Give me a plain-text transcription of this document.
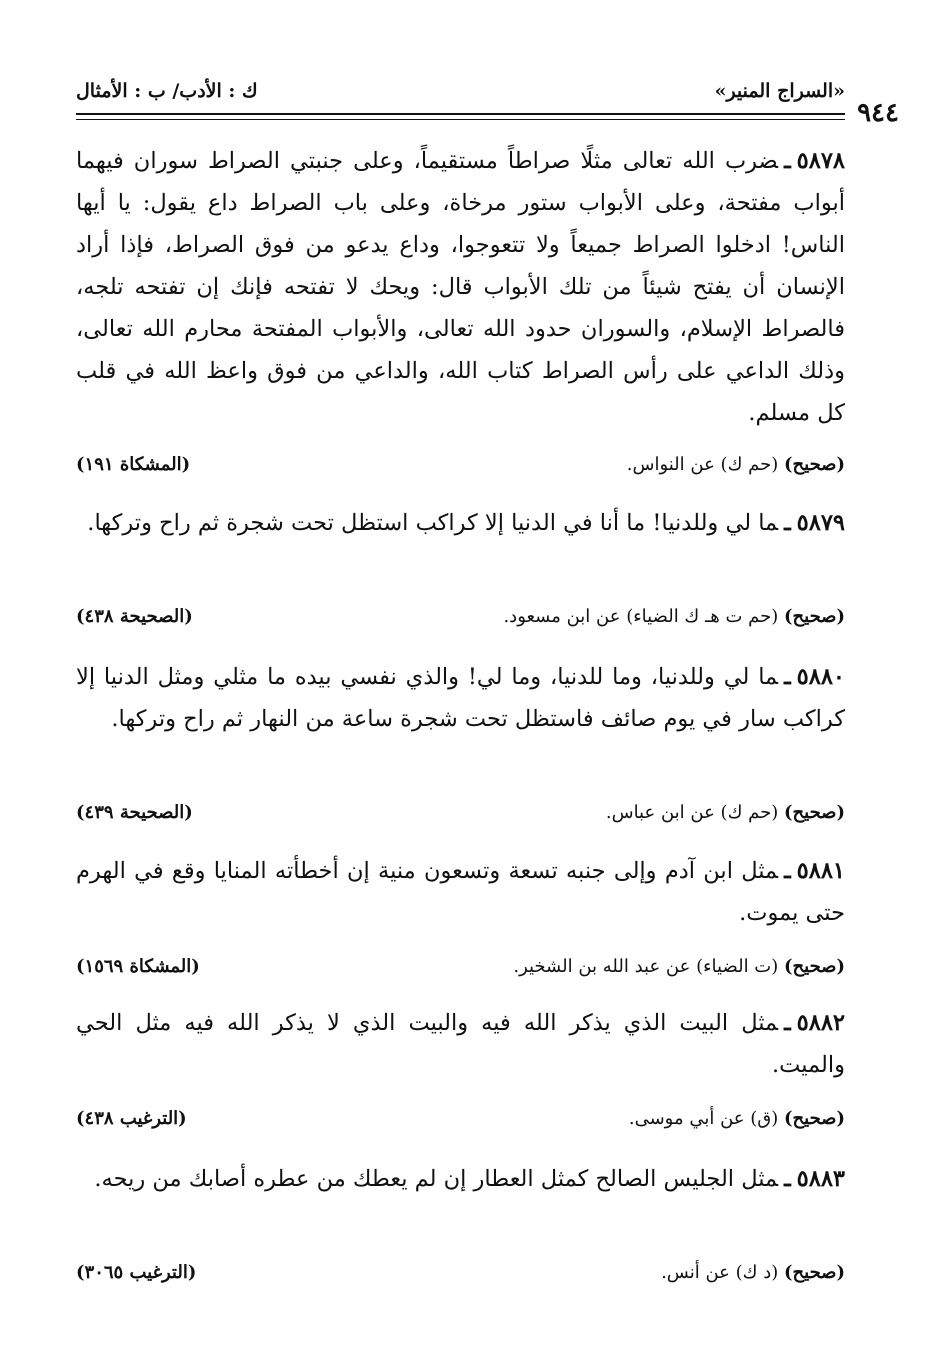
«السراج المنير»
ك : الأدب/ ب : الأمثال
٩٤٤
٥٨٧٨ـضرب الله تعالى مثلًا صراطاً مستقيماً، وعلى جنبتي الصراط سوران فيهما أبواب مفتحة، وعلى الأبواب ستور مرخاة، وعلى باب الصراط داع يقول: يا أيها الناس! ادخلوا الصراط جميعاً ولا تتعوجوا، وداع يدعو من فوق الصراط، فإذا أراد الإنسان أن يفتح شيئاً من تلك الأبواب قال: ويحك لا تفتحه فإنك إن تفتحه تلجه، فالصراط الإسلام، والسوران حدود الله تعالى، والأبواب المفتحة محارم الله تعالى، وذلك الداعي على رأس الصراط كتاب الله، والداعي من فوق واعظ الله في قلب كل مسلم.
(صحيح) (حم ك) عن النواس.
(المشكاة ١٩١)
٥٨٧٩ـما لي وللدنيا! ما أنا في الدنيا إلا كراكب استظل تحت شجرة ثم راح وتركها.
(صحيح) (حم ت هـ ك الضياء) عن ابن مسعود.
(الصحيحة ٤٣٨)
٥٨٨٠ـما لي وللدنيا، وما للدنيا، وما لي! والذي نفسي بيده ما مثلي ومثل الدنيا إلا كراكب سار في يوم صائف فاستظل تحت شجرة ساعة من النهار ثم راح وتركها.
(صحيح) (حم ك) عن ابن عباس.
(الصحيحة ٤٣٩)
٥٨٨١ـمثل ابن آدم وإلى جنبه تسعة وتسعون منية إن أخطأته المنايا وقع في الهرم حتى يموت.
(صحيح) (ت الضياء) عن عبد الله بن الشخير.
(المشكاة ١٥٦٩)
٥٨٨٢ـمثل البيت الذي يذكر الله فيه والبيت الذي لا يذكر الله فيه مثل الحي والميت.
(صحيح) (ق) عن أبي موسى.
(الترغيب ٤٣٨)
٥٨٨٣ـمثل الجليس الصالح كمثل العطار إن لم يعطك من عطره أصابك من ريحه.
(صحيح) (د ك) عن أنس.
(الترغيب ٣٠٦٥)
